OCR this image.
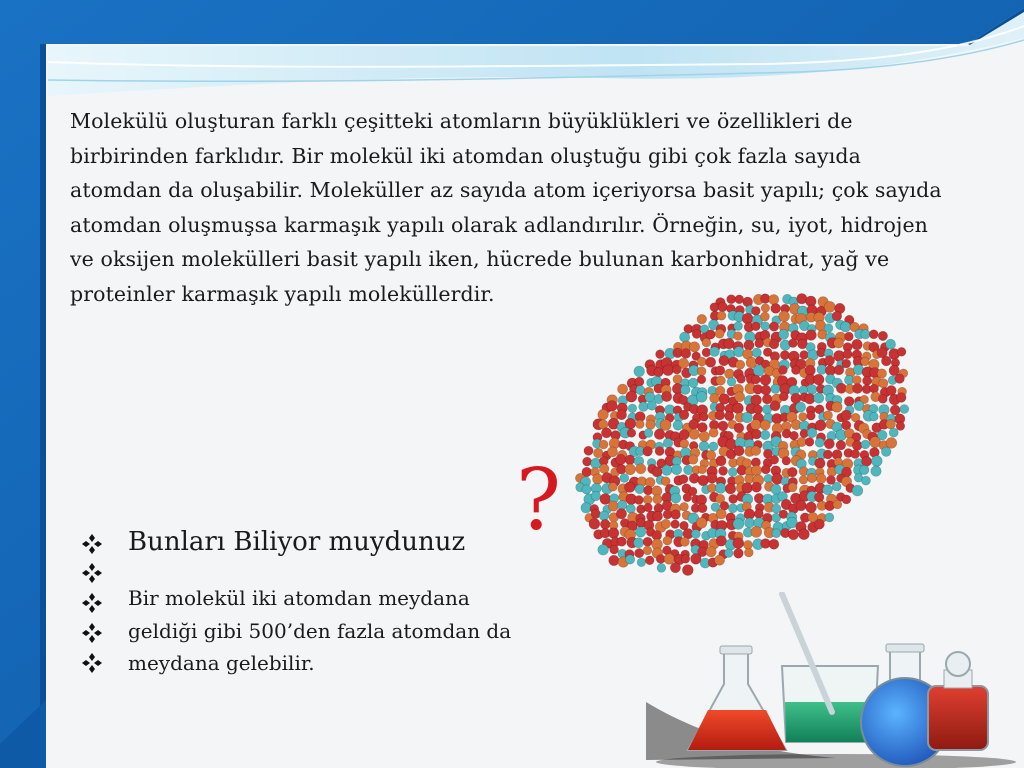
Molekülü oluşturan farklı çeşitteki atomların büyüklükleri ve özellikleri de
birbirinden farklıdır. Bir molekül iki atomdan oluştuğu gibi çok fazla sayıda
atomdan da oluşabilir. Moleküller az sayıda atom içeriyorsa basit yapılı; çok sayıda
atomdan oluşmuşsa karmaşık yapılı olarak adlandırılır. Örneğin, su, iyot, hidrojen
ve oksijen molekülleri basit yapılı iken, hücrede bulunan karbonhidrat, yağ ve
proteinler karmaşık yapılı moleküllerdir.
?
Bunları Biliyor muydunuz
Bir molekül iki atomdan meydana
geldiği gibi 500’den fazla atomdan da
meydana gelebilir.
